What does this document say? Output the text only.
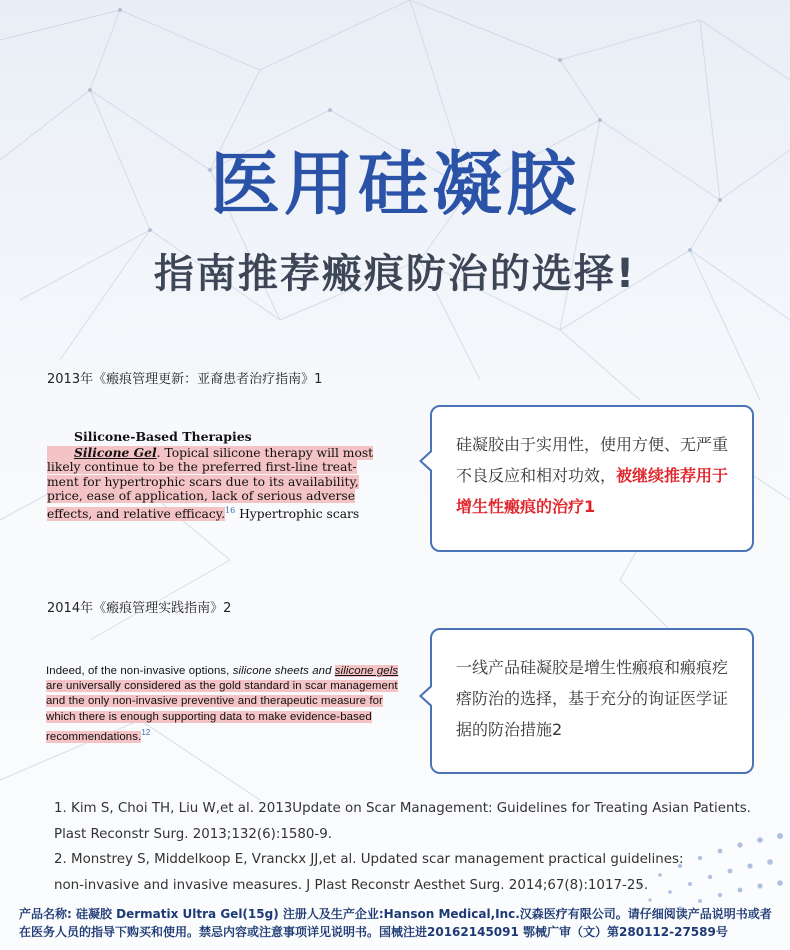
医用硅凝胶
指南推荐瘢痕防治的选择!

2013年《瘢痕管理更新：亚裔患者治疗指南》1

Silicone-Based Therapies
Silicone Gel. Topical silicone therapy will most
likely continue to be the preferred first-line treat-
ment for hypertrophic scars due to its availability,
price, ease of application, lack of serious adverse
effects, and relative efficacy.$^{16}$ Hypertrophic scars
硅凝胶由于实用性，使用方便、无严重不良反应和相对功效，被继续推荐用于增生性瘢痕的治疗1

2014年《瘢痕管理实践指南》2

Indeed, of the non-invasive options, silicone sheets and silicone gels are universally considered as the gold standard in scar management and the only non-invasive preventive and therapeutic measure for which there is enough supporting data to make evidence-based recommendations.$^{12}$
一线产品硅凝胶是增生性瘢痕和瘢痕疙瘩防治的选择，基于充分的询证医学证据的防治措施2
1. Kim S, Choi TH, Liu W,et al. 2013Update on Scar Management: Guidelines for Treating Asian Patients.
Plast Reconstr Surg. 2013;132(6):1580-9.
2. Monstrey S, Middelkoop E, Vranckx JJ,et al. Updated scar management practical guidelines:
non-invasive and invasive measures. J Plast Reconstr Aesthet Surg. 2014;67(8):1017-25.
产品名称: 硅凝胶 Dermatix Ultra Gel(15g) 注册人及生产企业:Hanson Medical,Inc.汉森医疗有限公司。请仔细阅读产品说明书或者
在医务人员的指导下购买和使用。禁忌内容或注意事项详见说明书。国械注进20162145091 鄂械广审（文）第280112-27589号
